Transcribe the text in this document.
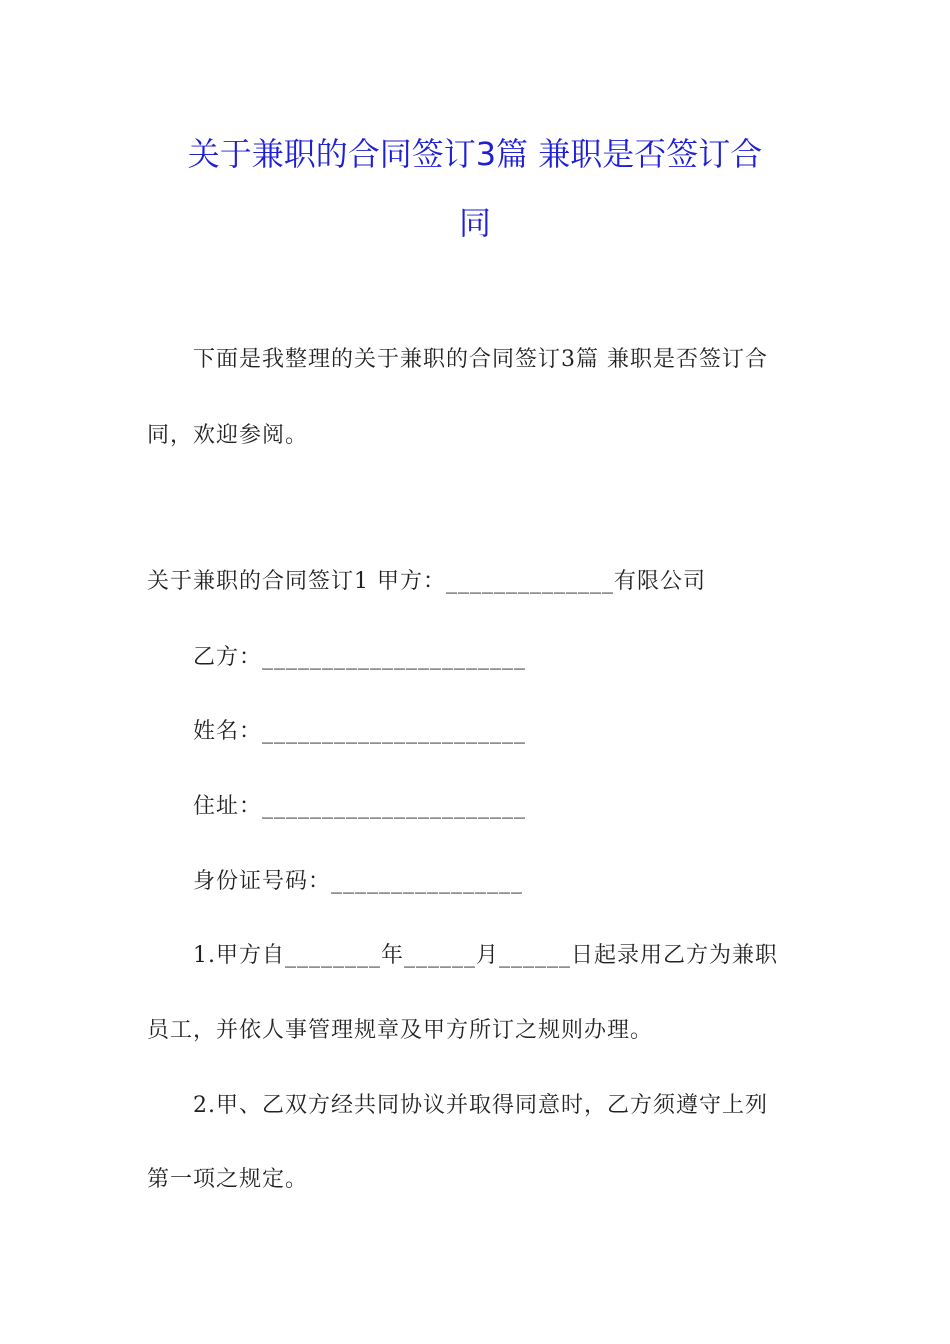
关于兼职的合同签订3篇 兼职是否签订合
同
下面是我整理的关于兼职的合同签订3篇 兼职是否签订合
同，欢迎参阅。
关于兼职的合同签订1 甲方：______________有限公司
乙方：______________________
姓名：______________________
住址：______________________
身份证号码：________________
1.甲方自________年______月______日起录用乙方为兼职
员工，并依人事管理规章及甲方所订之规则办理。
2.甲、乙双方经共同协议并取得同意时，乙方须遵守上列
第一项之规定。
